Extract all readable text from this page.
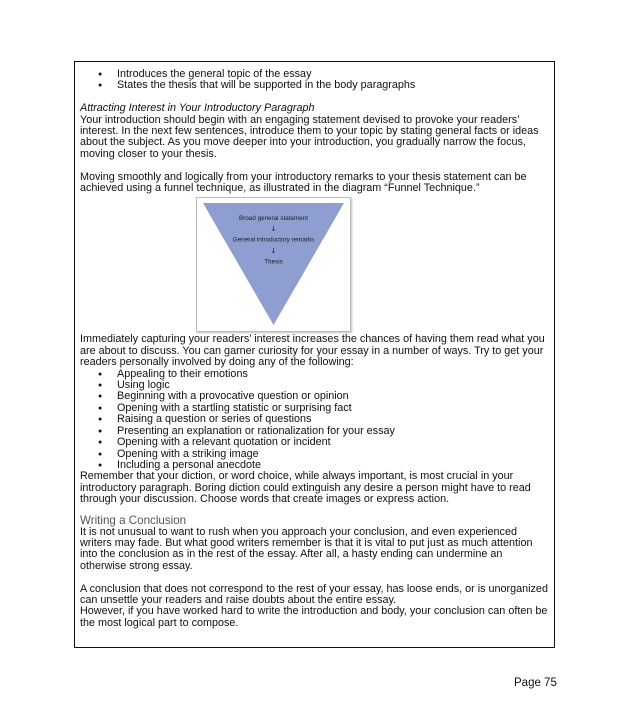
● Introduces the general topic of the essay
● States the thesis that will be supported in the body paragraphs

Attracting Interest in Your Introductory Paragraph

Your introduction should begin with an engaging statement devised to provoke your readers’ interest. In the next few sentences, introduce them to your topic by stating general facts or ideas about the subject. As you move deeper into your introduction, you gradually narrow the focus, moving closer to your thesis.

Moving smoothly and logically from your introductory remarks to your thesis statement can be achieved using a funnel technique, as illustrated in the diagram “Funnel Technique.”

Broad general statement
↓
General introductory remarks
↓
Thesis

Immediately capturing your readers’ interest increases the chances of having them read what you are about to discuss. You can garner curiosity for your essay in a number of ways. Try to get your readers personally involved by doing any of the following:

● Appealing to their emotions
● Using logic
● Beginning with a provocative question or opinion
● Opening with a startling statistic or surprising fact
● Raising a question or series of questions
● Presenting an explanation or rationalization for your essay
● Opening with a relevant quotation or incident
● Opening with a striking image
● Including a personal anecdote

Remember that your diction, or word choice, while always important, is most crucial in your introductory paragraph. Boring diction could extinguish any desire a person might have to read through your discussion. Choose words that create images or express action.

Writing a Conclusion

It is not unusual to want to rush when you approach your conclusion, and even experienced writers may fade. But what good writers remember is that it is vital to put just as much attention into the conclusion as in the rest of the essay. After all, a hasty ending can undermine an otherwise strong essay.

A conclusion that does not correspond to the rest of your essay, has loose ends, or is unorganized can unsettle your readers and raise doubts about the entire essay.

However, if you have worked hard to write the introduction and body, your conclusion can often be the most logical part to compose.

Page 75
